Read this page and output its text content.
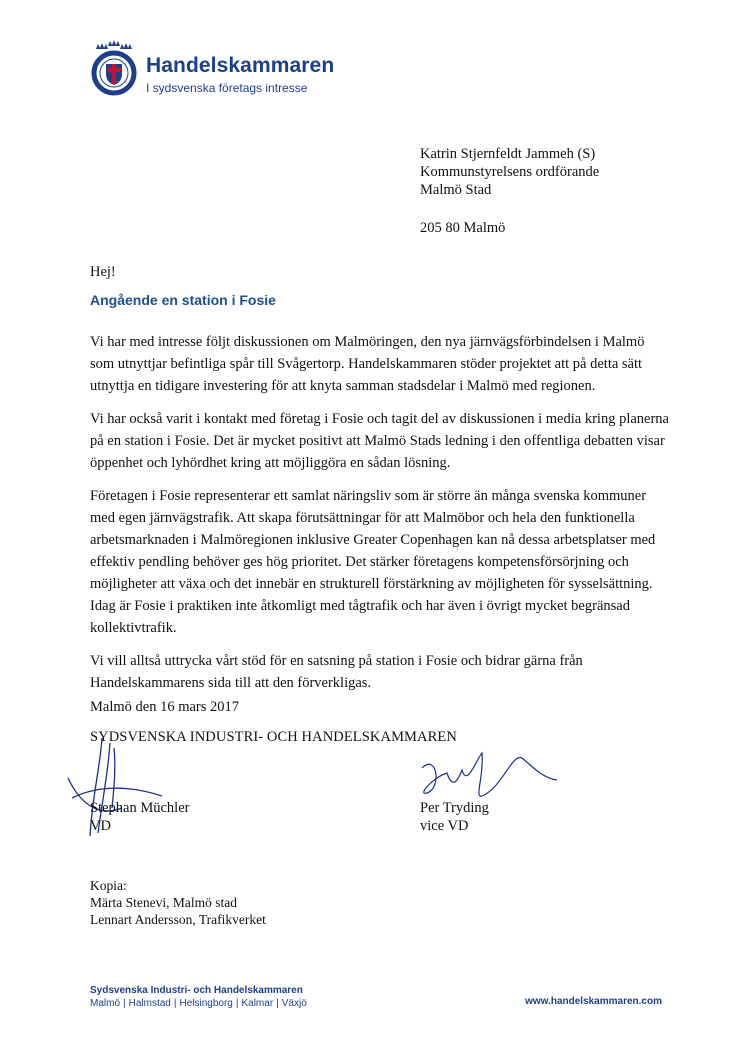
Handelskammaren
I sydsvenska företags intresse
Katrin Stjernfeldt Jammeh (S)
Kommunstyrelsens ordförande
Malmö Stad
205 80 Malmö
Hej!
Angående en station i Fosie

Vi har med intresse följt diskussionen om Malmöringen, den nya järnvägsförbindelsen i Malmö som utnyttjar befintliga spår till Svågertorp. Handelskammaren stöder projektet att på detta sätt utnyttja en tidigare investering för att knyta samman stadsdelar i Malmö med regionen.

Vi har också varit i kontakt med företag i Fosie och tagit del av diskussionen i media kring planerna på en station i Fosie. Det är mycket positivt att Malmö Stads ledning i den offentliga debatten visar öppenhet och lyhördhet kring att möjliggöra en sådan lösning.

Företagen i Fosie representerar ett samlat näringsliv som är större än många svenska kommuner med egen järnvägstrafik. Att skapa förutsättningar för att Malmöbor och hela den funktionella arbetsmarknaden i Malmöregionen inklusive Greater Copenhagen kan nå dessa arbetsplatser med effektiv pendling behöver ges hög prioritet. Det stärker företagens kompetensförsörjning och möjligheter att växa och det innebär en strukturell förstärkning av möjligheten för sysselsättning. Idag är Fosie i praktiken inte åtkomligt med tågtrafik och har även i övrigt mycket begränsad kollektivtrafik.

Vi vill alltså uttrycka vårt stöd för en satsning på station i Fosie och bidrar gärna från Handelskammarens sida till att den förverkligas.

Malmö den 16 mars 2017
SYDSVENSKA INDUSTRI- OCH HANDELSKAMMAREN
Stephan Müchler
VD
Per Tryding
vice VD
Kopia:
Märta Stenevi, Malmö stad
Lennart Andersson, Trafikverket
Sydsvenska Industri- och Handelskammaren
Malmö | Halmstad | Helsingborg | Kalmar | Växjö	www.handelskammaren.com
